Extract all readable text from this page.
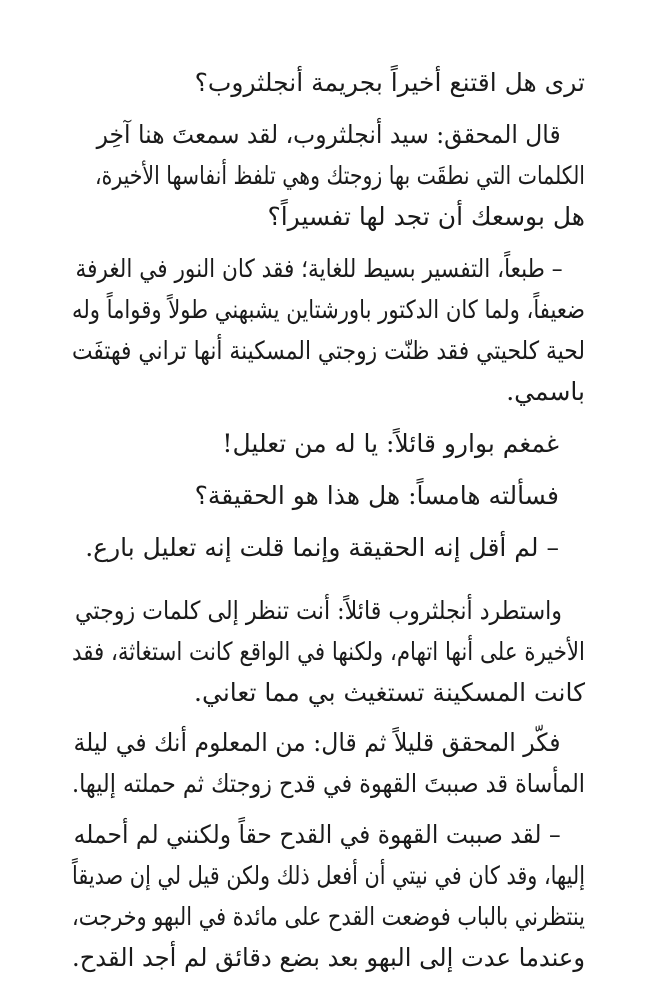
ترى هل اقتنع أخيراً بجريمة أنجلثروب؟

قال المحقق: سيد أنجلثروب، لقد سمعتَ هنا آخِر
الكلمات التي نطقَت بها زوجتك وهي تلفظ أنفاسها الأخيرة،
هل بوسعك أن تجد لها تفسيراً؟

– طبعاً، التفسير بسيط للغاية؛ فقد كان النور في الغرفة
ضعيفاً، ولما كان الدكتور باورشتاين يشبهني طولاً وقواماً وله
لحية كلحيتي فقد ظنّت زوجتي المسكينة أنها تراني فهتفَت
باسمي.

غمغم بوارو قائلاً: يا له من تعليل!

فسألته هامساً: هل هذا هو الحقيقة؟

– لم أقل إنه الحقيقة وإنما قلت إنه تعليل بارع.

واستطرد أنجلثروب قائلاً: أنت تنظر إلى كلمات زوجتي
الأخيرة على أنها اتهام، ولكنها في الواقع كانت استغاثة، فقد
كانت المسكينة تستغيث بي مما تعاني.

فكّر المحقق قليلاً ثم قال: من المعلوم أنك في ليلة
المأساة قد صببتَ القهوة في قدح زوجتك ثم حملته إليها.

– لقد صببت القهوة في القدح حقاً ولكنني لم أحمله
إليها، وقد كان في نيتي أن أفعل ذلك ولكن قيل لي إن صديقاً
ينتظرني بالباب فوضعت القدح على مائدة في البهو وخرجت،
وعندما عدت إلى البهو بعد بضع دقائق لم أجد القدح.
